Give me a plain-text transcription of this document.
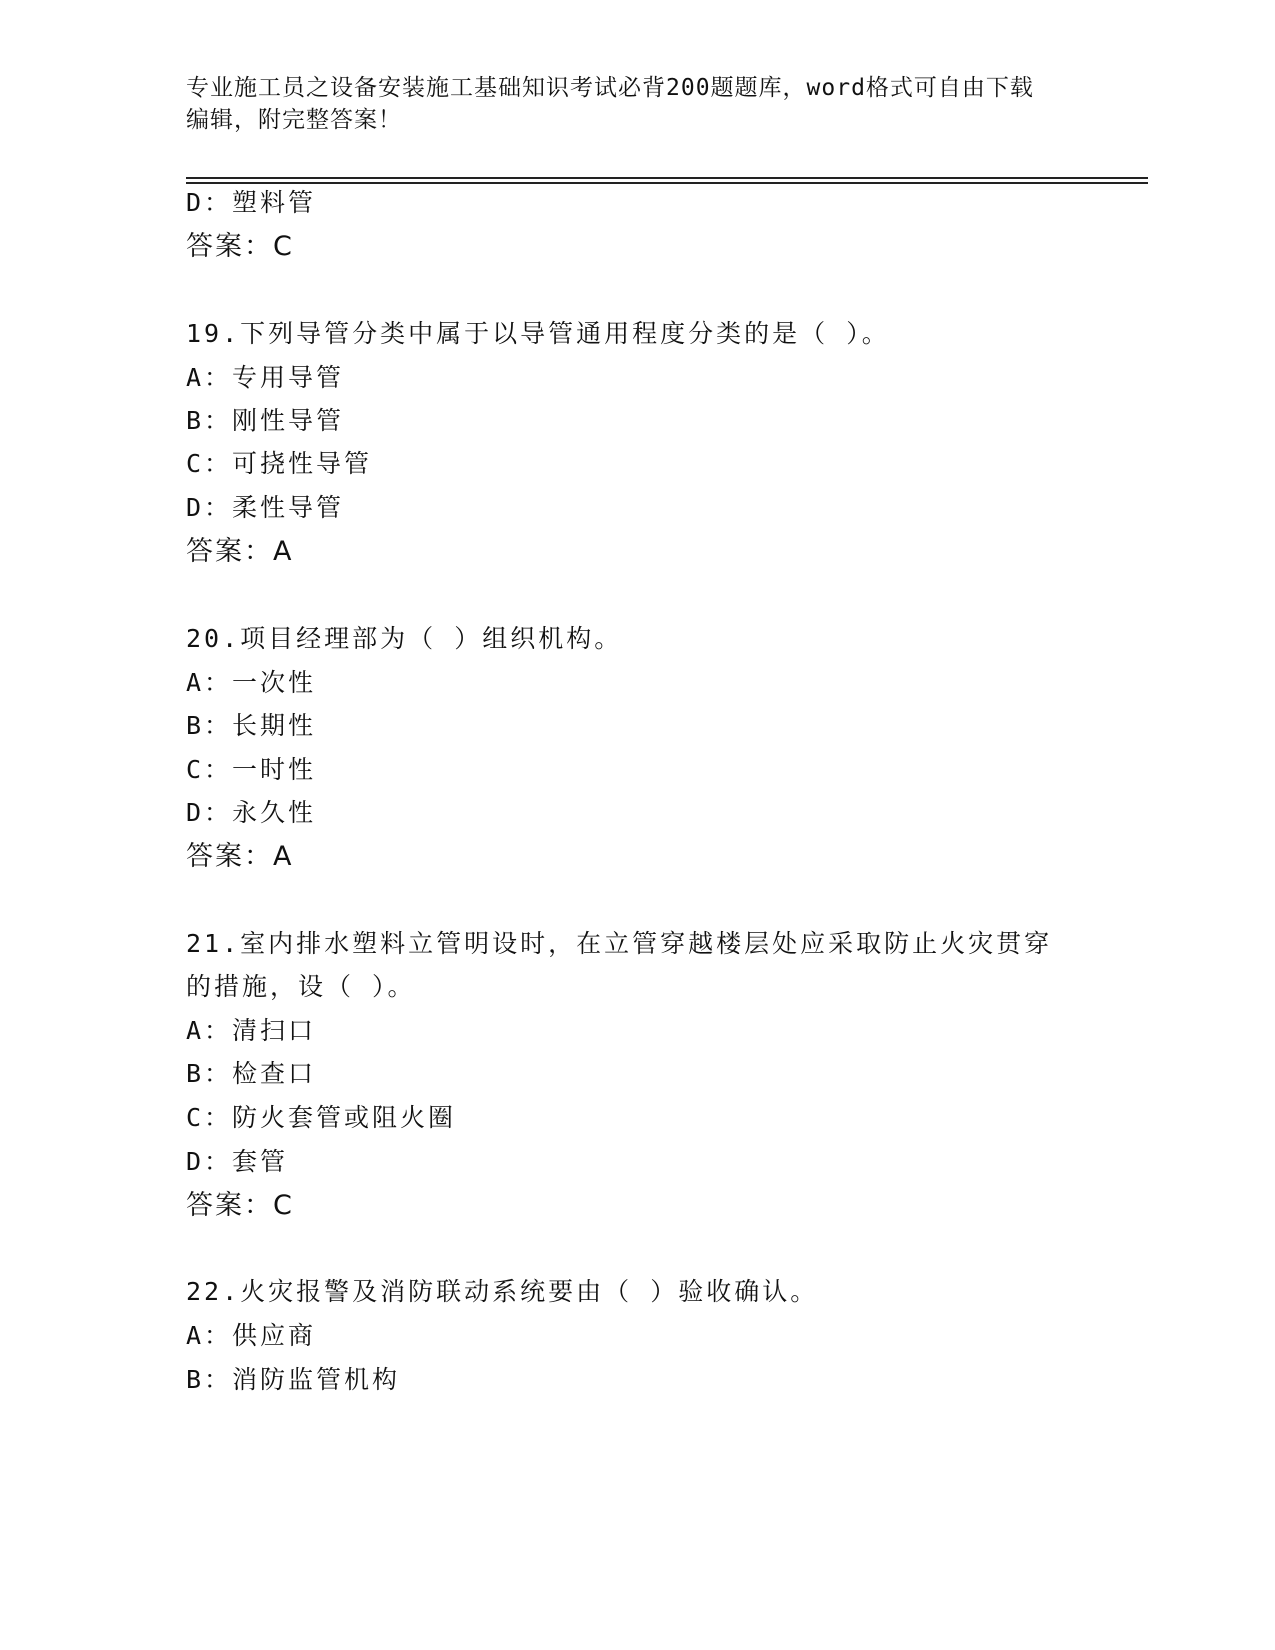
专业施工员之设备安装施工基础知识考试必背200题题库，word格式可自由下载
编辑，附完整答案！
D：塑料管
答案：C
19.下列导管分类中属于以导管通用程度分类的是（ ）。
A：专用导管
B：刚性导管
C：可挠性导管
D：柔性导管
答案：A
20.项目经理部为（ ）组织机构。
A：一次性
B：长期性
C：一时性
D：永久性
答案：A
21.室内排水塑料立管明设时，在立管穿越楼层处应采取防止火灾贯穿
的措施，设（ ）。
A：清扫口
B：检查口
C：防火套管或阻火圈
D：套管
答案：C
22.火灾报警及消防联动系统要由（ ）验收确认。
A：供应商
B：消防监管机构
